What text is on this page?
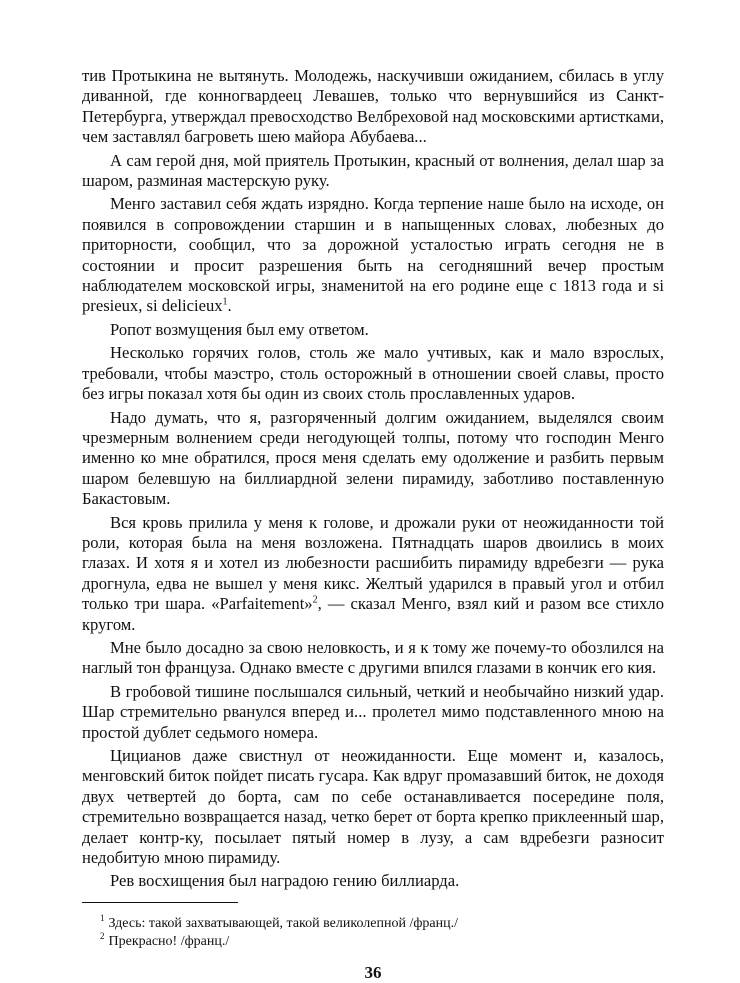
тив Протыкина не вытянуть. Молодежь, наскучивши ожиданием, сбилась в углу диванной, где конногвардеец Левашев, только что вернувшийся из Санкт-Петербурга, утверждал превосходство Велбреховой над московскими артистками, чем заставлял багроветь шею майора Абубаева...

А сам герой дня, мой приятель Протыкин, красный от волнения, делал шар за шаром, разминая мастерскую руку.

Менго заставил себя ждать изрядно. Когда терпение наше было на исходе, он появился в сопровождении старшин и в напыщенных словах, любезных до приторности, сообщил, что за дорожной усталостью играть сегодня не в состоянии и просит разрешения быть на сегодняшний вечер простым наблюдателем московской игры, знаменитой на его родине еще с 1813 года и si presieux, si delicieux$^1$.

Ропот возмущения был ему ответом.

Несколько горячих голов, столь же мало учтивых, как и мало взрослых, требовали, чтобы маэстро, столь осторожный в отношении своей славы, просто без игры показал хотя бы один из своих столь прославленных ударов.

Надо думать, что я, разгоряченный долгим ожиданием, выделялся своим чрезмерным волнением среди негодующей толпы, потому что господин Менго именно ко мне обратился, прося меня сделать ему одолжение и разбить первым шаром белевшую на биллиардной зелени пирамиду, заботливо поставленную Бакастовым.

Вся кровь прилила у меня к голове, и дрожали руки от неожиданности той роли, которая была на меня возложена. Пятнадцать шаров двоились в моих глазах. И хотя я и хотел из любезности расшибить пирамиду вдребезги — рука дрогнула, едва не вышел у меня кикс. Желтый ударился в правый угол и отбил только три шара. «Parfaitement»$^2$, — сказал Менго, взял кий и разом все стихло кругом.

Мне было досадно за свою неловкость, и я к тому же почему-то обозлился на наглый тон француза. Однако вместе с другими впился глазами в кончик его кия.

В гробовой тишине послышался сильный, четкий и необычайно низкий удар. Шар стремительно рванулся вперед и... пролетел мимо подставленного мною на простой дублет седьмого номера.

Цицианов даже свистнул от неожиданности. Еще момент и, казалось, менговский биток пойдет писать гусара. Как вдруг промазавший биток, не доходя двух четвертей до борта, сам по себе останавливается посередине поля, стремительно возвращается назад, четко берет от борта крепко приклеенный шар, делает контр-ку, посылает пятый номер в лузу, а сам вдребезги разносит недобитую мною пирамиду.

Рев восхищения был наградою гению биллиарда.

$^1$ Здесь: такой захватывающей, такой великолепной /франц./

$^2$ Прекрасно! /франц./

36
